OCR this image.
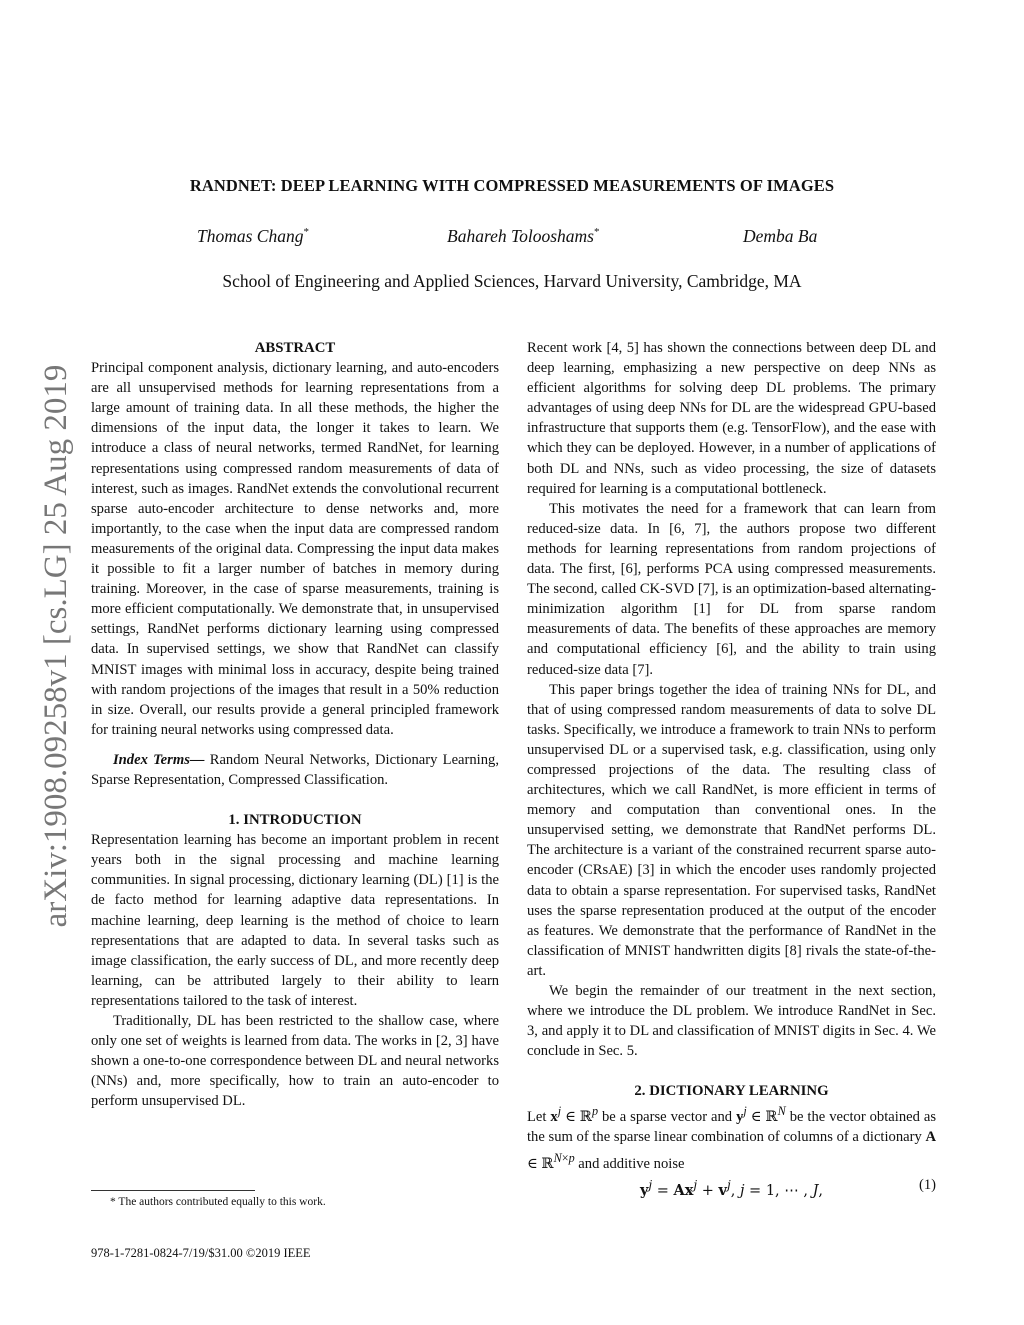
RANDNET: DEEP LEARNING WITH COMPRESSED MEASUREMENTS OF IMAGES
Thomas Chang*	Bahareh Tolooshams*	Demba Ba
School of Engineering and Applied Sciences, Harvard University, Cambridge, MA
arXiv:1908.09258v1 [cs.LG] 25 Aug 2019

ABSTRACT

Principal component analysis, dictionary learning, and auto-encoders are all unsupervised methods for learning representations from a large amount of training data. In all these methods, the higher the dimensions of the input data, the longer it takes to learn. We introduce a class of neural networks, termed RandNet, for learning representations using compressed random measurements of data of interest, such as images. RandNet extends the convolutional recurrent sparse auto-encoder architecture to dense networks and, more importantly, to the case when the input data are compressed random measurements of the original data. Compressing the input data makes it possible to fit a larger number of batches in memory during training. Moreover, in the case of sparse measurements, training is more efficient computationally. We demonstrate that, in unsupervised settings, RandNet performs dictionary learning using compressed data. In supervised settings, we show that RandNet can classify MNIST images with minimal loss in accuracy, despite being trained with random projections of the images that result in a 50% reduction in size. Overall, our results provide a general principled framework for training neural networks using compressed data.

Index Terms— Random Neural Networks, Dictionary Learning, Sparse Representation, Compressed Classification.

1. INTRODUCTION

Representation learning has become an important problem in recent years both in the signal processing and machine learning communities. In signal processing, dictionary learning (DL) [1] is the de facto method for learning adaptive data representations. In machine learning, deep learning is the method of choice to learn representations that are adapted to data. In several tasks such as image classification, the early success of DL, and more recently deep learning, can be attributed largely to their ability to learn representations tailored to the task of interest.

Traditionally, DL has been restricted to the shallow case, where only one set of weights is learned from data. The works in [2, 3] have shown a one-to-one correspondence between DL and neural networks (NNs) and, more specifically, how to train an auto-encoder to perform unsupervised DL.

Recent work [4, 5] has shown the connections between deep DL and deep learning, emphasizing a new perspective on deep NNs as efficient algorithms for solving deep DL problems. The primary advantages of using deep NNs for DL are the widespread GPU-based infrastructure that supports them (e.g. TensorFlow), and the ease with which they can be deployed. However, in a number of applications of both DL and NNs, such as video processing, the size of datasets required for learning is a computational bottleneck.

This motivates the need for a framework that can learn from reduced-size data. In [6, 7], the authors propose two different methods for learning representations from random projections of data. The first, [6], performs PCA using compressed measurements. The second, called CK-SVD [7], is an optimization-based alternating-minimization algorithm [1] for DL from sparse random measurements of data. The benefits of these approaches are memory and computational efficiency [6], and the ability to train using reduced-size data [7].

This paper brings together the idea of training NNs for DL, and that of using compressed random measurements of data to solve DL tasks. Specifically, we introduce a framework to train NNs to perform unsupervised DL or a supervised task, e.g. classification, using only compressed projections of the data. The resulting class of architectures, which we call RandNet, is more efficient in terms of memory and computation than conventional ones. In the unsupervised setting, we demonstrate that RandNet performs DL. The architecture is a variant of the constrained recurrent sparse auto-encoder (CRsAE) [3] in which the encoder uses randomly projected data to obtain a sparse representation. For supervised tasks, RandNet uses the sparse representation produced at the output of the encoder as features. We demonstrate that the performance of RandNet in the classification of MNIST handwritten digits [8] rivals the state-of-the-art.

We begin the remainder of our treatment in the next section, where we introduce the DL problem. We introduce RandNet in Sec. 3, and apply it to DL and classification of MNIST digits in Sec. 4. We conclude in Sec. 5.

2. DICTIONARY LEARNING

Let $x^j$ ∈ ℝ$^p$ be a sparse vector and $y^j$ ∈ ℝ$^N$ be the vector obtained as the sum of the sparse linear combination of columns of a dictionary A ∈ ℝ$^{N\times p}$ and additive noise

$y^j = Ax^j + v^j$, j = 1, ⋯ , J,	(1)
* The authors contributed equally to this work.
978-1-7281-0824-7/19/$31.00 ©2019 IEEE
